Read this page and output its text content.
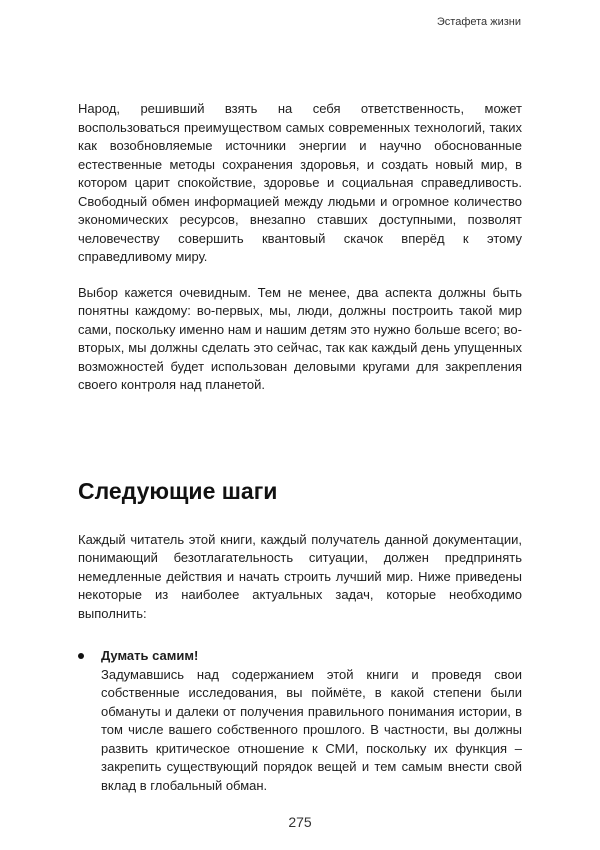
Эстафета жизни

Народ, решивший взять на себя ответственность, может воспользоваться преимуществом самых современных технологий, таких как возобновляемые источники энергии и научно обоснованные естественные методы сохранения здоровья, и создать новый мир, в котором царит спокойствие, здоровье и социальная справедливость. Свободный обмен информацией между людьми и огромное количество экономических ресурсов, внезапно ставших доступными, позволят человечеству совершить квантовый скачок вперёд к этому справедливому миру.

Выбор кажется очевидным. Тем не менее, два аспекта должны быть понятны каждому: во-первых, мы, люди, должны построить такой мир сами, поскольку именно нам и нашим детям это нужно больше всего; во-вторых, мы должны сделать это сейчас, так как каждый день упущенных возможностей будет использован деловыми кругами для закрепления своего контроля над планетой.

Следующие шаги

Каждый читатель этой книги, каждый получатель данной документации, понимающий безотлагательность ситуации, должен предпринять немедленные действия и начать строить лучший мир. Ниже приведены некоторые из наиболее актуальных задач, которые необходимо выполнить:

Думать самим!

Задумавшись над содержанием этой книги и проведя свои собственные исследования, вы поймёте, в какой степени были обмануты и далеки от получения правильного понимания истории, в том числе вашего собственного прошлого. В частности, вы должны развить критическое отношение к СМИ, поскольку их функция – закрепить существующий порядок вещей и тем самым внести свой вклад в глобальный обман.

275
